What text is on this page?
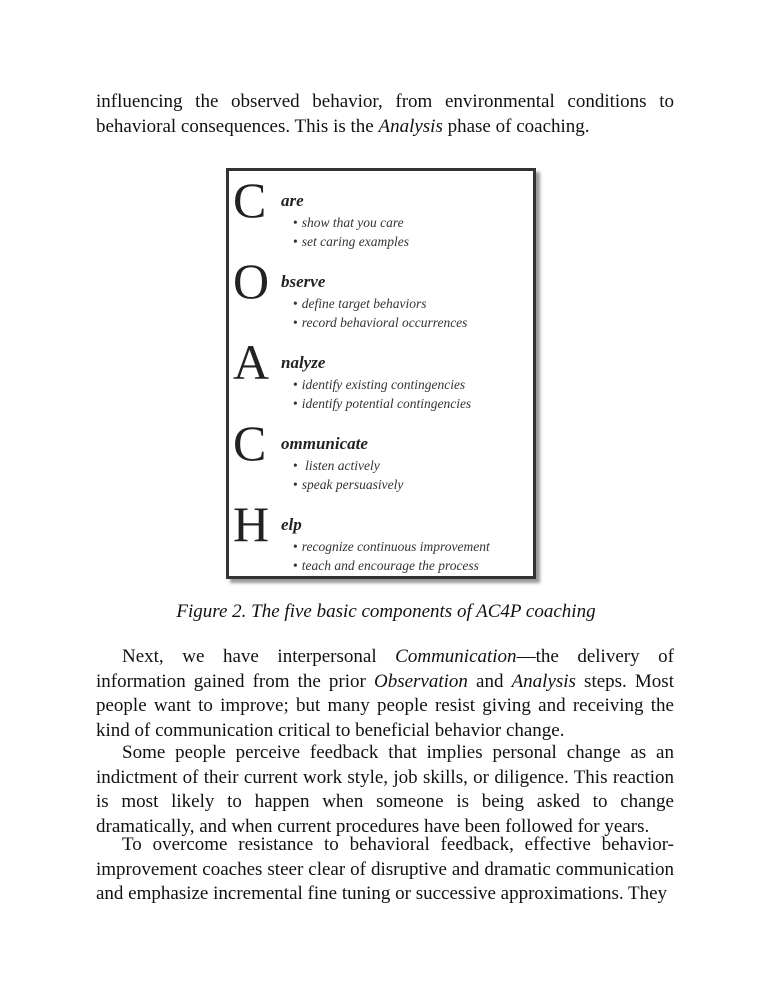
influencing the observed behavior, from environmental conditions to behavioral consequences. This is the Analysis phase of coaching.

C are
• show that you care
• set caring examples
O bserve
• define target behaviors
• record behavioral occurrences
A nalyze
• identify existing contingencies
• identify potential contingencies
C ommunicate
• listen actively
• speak persuasively
H elp
• recognize continuous improvement
• teach and encourage the process

Figure 2. The five basic components of AC4P coaching

Next, we have interpersonal Communication—the delivery of information gained from the prior Observation and Analysis steps. Most people want to improve; but many people resist giving and receiving the kind of communication critical to beneficial behavior change.

Some people perceive feedback that implies personal change as an indictment of their current work style, job skills, or diligence. This reaction is most likely to happen when someone is being asked to change dramatically, and when current procedures have been followed for years.

To overcome resistance to behavioral feedback, effective behavior-improvement coaches steer clear of disruptive and dramatic communication and emphasize incremental fine tuning or successive approximations. They
